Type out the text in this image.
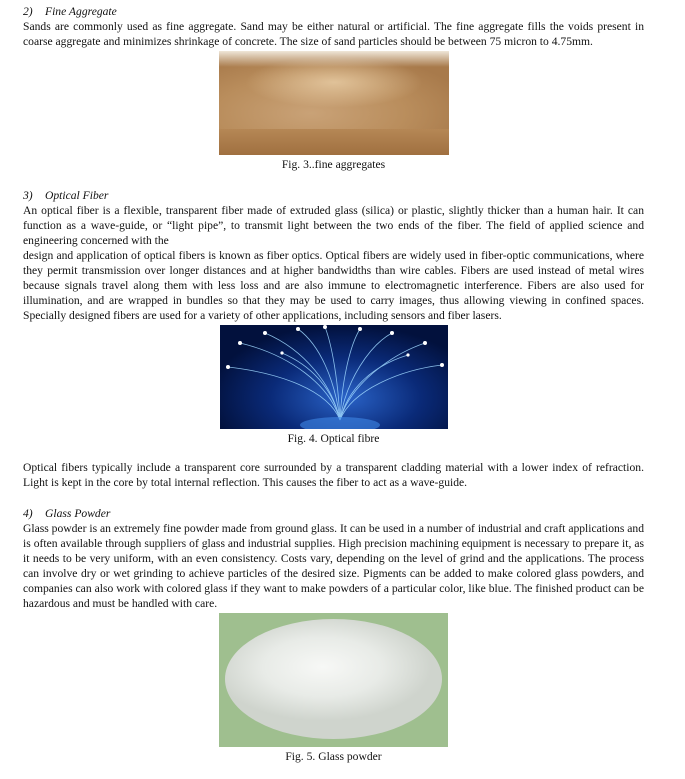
2) Fine Aggregate

Sands are commonly used as fine aggregate. Sand may be either natural or artificial. The fine aggregate fills the voids present in coarse aggregate and minimizes shrinkage of concrete. The size of sand particles should be between 75 micron to 4.75mm.

Fig. 3..fine aggregates
3) Optical Fiber

An optical fiber is a flexible, transparent fiber made of extruded glass (silica) or plastic, slightly thicker than a human hair. It can function as a wave-guide, or “light pipe”, to transmit light between the two ends of the fiber. The field of applied science and engineering concerned with the

design and application of optical fibers is known as fiber optics. Optical fibers are widely used in fiber-optic communications, where they permit transmission over longer distances and at higher bandwidths than wire cables. Fibers are used instead of metal wires because signals travel along them with less loss and are also immune to electromagnetic interference. Fibers are also used for illumination, and are wrapped in bundles so that they may be used to carry images, thus allowing viewing in confined spaces. Specially designed fibers are used for a variety of other applications, including sensors and fiber lasers.

Fig. 4. Optical fibre

Optical fibers typically include a transparent core surrounded by a transparent cladding material with a lower index of refraction. Light is kept in the core by total internal reflection. This causes the fiber to act as a wave-guide.

4) Glass Powder

Glass powder is an extremely fine powder made from ground glass. It can be used in a number of industrial and craft applications and is often available through suppliers of glass and industrial supplies. High precision machining equipment is necessary to prepare it, as it needs to be very uniform, with an even consistency. Costs vary, depending on the level of grind and the applications. The process can involve dry or wet grinding to achieve particles of the desired size. Pigments can be added to make colored glass powders, and companies can also work with colored glass if they want to make powders of a particular color, like blue. The finished product can be hazardous and must be handled with care.

Fig. 5. Glass powder
